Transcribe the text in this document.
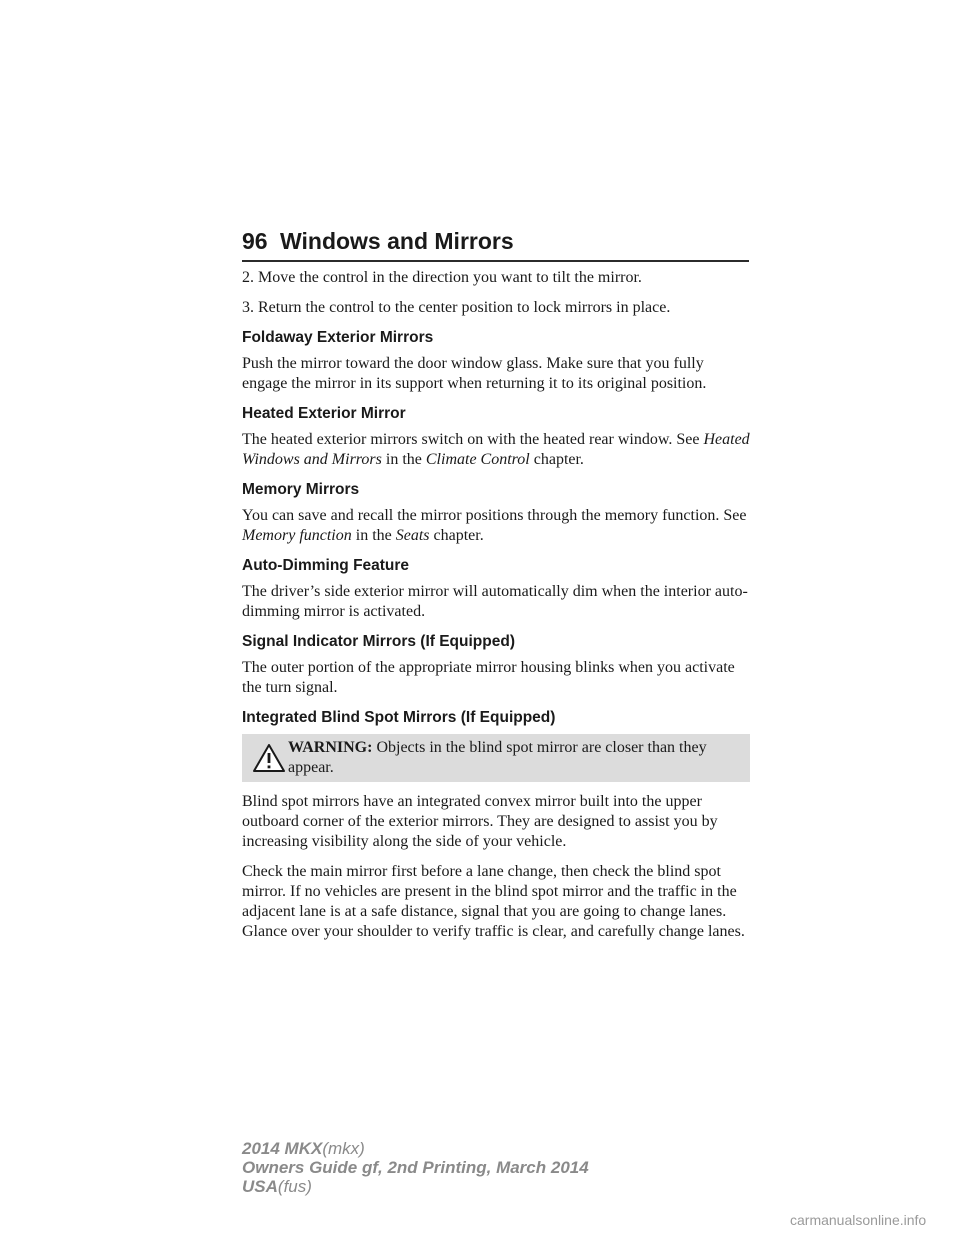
96 Windows and Mirrors

2. Move the control in the direction you want to tilt the mirror.

3. Return the control to the center position to lock mirrors in place.

Foldaway Exterior Mirrors

Push the mirror toward the door window glass. Make sure that you fully engage the mirror in its support when returning it to its original position.

Heated Exterior Mirror

The heated exterior mirrors switch on with the heated rear window. See Heated Windows and Mirrors in the Climate Control chapter.

Memory Mirrors

You can save and recall the mirror positions through the memory function. See Memory function in the Seats chapter.

Auto-Dimming Feature

The driver’s side exterior mirror will automatically dim when the interior auto-dimming mirror is activated.

Signal Indicator Mirrors (If Equipped)

The outer portion of the appropriate mirror housing blinks when you activate the turn signal.

Integrated Blind Spot Mirrors (If Equipped)
WARNING: Objects in the blind spot mirror are closer than they appear.

Blind spot mirrors have an integrated convex mirror built into the upper outboard corner of the exterior mirrors. They are designed to assist you by increasing visibility along the side of your vehicle.

Check the main mirror first before a lane change, then check the blind spot mirror. If no vehicles are present in the blind spot mirror and the traffic in the adjacent lane is at a safe distance, signal that you are going to change lanes. Glance over your shoulder to verify traffic is clear, and carefully change lanes.

2014 MKX(mkx)
Owners Guide gf, 2nd Printing, March 2014
USA(fus)
carmanualsonline.info
